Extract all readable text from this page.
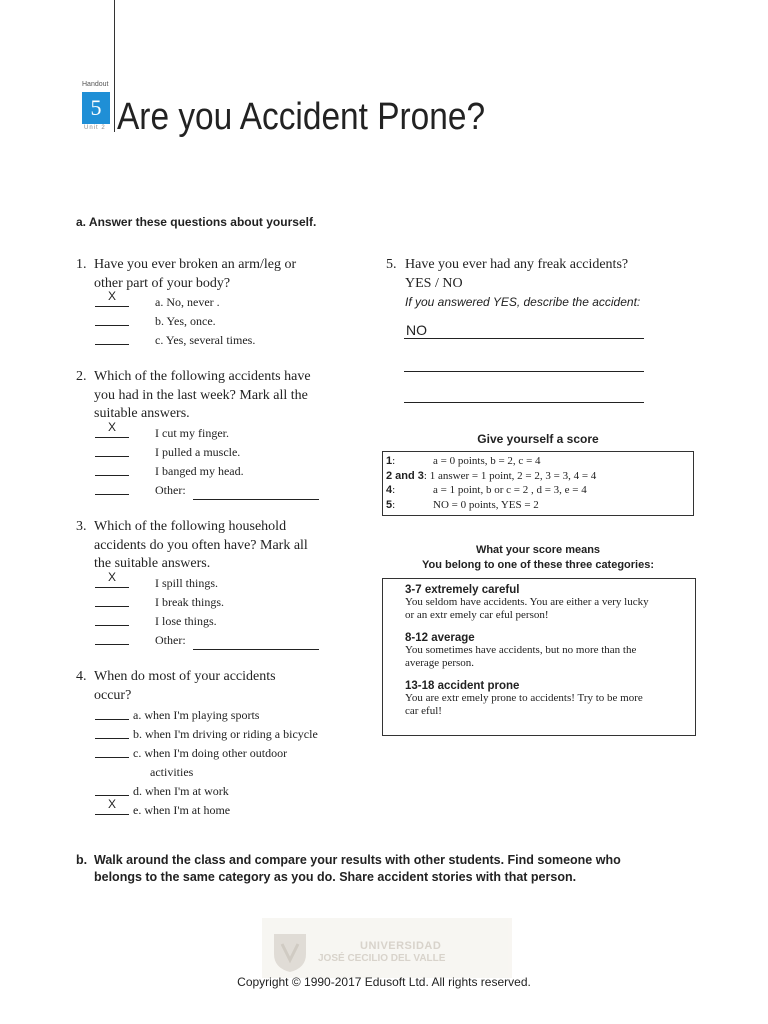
Handout
5
Unit 2 Are you Accident Prone?
a. Answer these questions about yourself.
1. Have you ever broken an arm/leg or
other part of your body?
X	a. No, never .
b. Yes, once.
c. Yes, several times.
2. Which of the following accidents have
you had in the last week? Mark all the
suitable answers.
X	I cut my finger.
I pulled a muscle.
I banged my head.
Other:
3. Which of the following household
accidents do you often have? Mark all
the suitable answers.
X	I spill things.
I break things.
I lose things.
Other:
4. When do most of your accidents
occur?
a. when I'm playing sports
b. when I'm driving or riding a bicycle
c. when I'm doing other outdoor
activities
d. when I'm at work
X	e. when I'm at home
5. Have you ever had any freak accidents?
YES / NO
If you answered YES, describe the accident:
NO
Give yourself a score
1:	a = 0 points, b = 2, c = 4
2 and 3: 1 answer = 1 point, 2 = 2, 3 = 3, 4 = 4
4:	a = 1 point, b or c = 2 , d = 3, e = 4
5:	NO = 0 points, YES = 2
What your score means
You belong to one of these three categories:
3-7 extremely careful
You seldom have accidents. You are either a very lucky
or an extr emely car eful person!
8-12 average
You sometimes have accidents, but no more than the
average person.
13-18 accident prone
You are extr emely prone to accidents! Try to be more
car eful!
b. Walk around the class and compare your results with other students. Find someone who
belongs to the same category as you do. Share accident stories with that person.
UNIVERSIDAD
JOSÉ CECILIO DEL VALLE
Copyright © 1990-2017 Edusoft Ltd. All rights reserved.
